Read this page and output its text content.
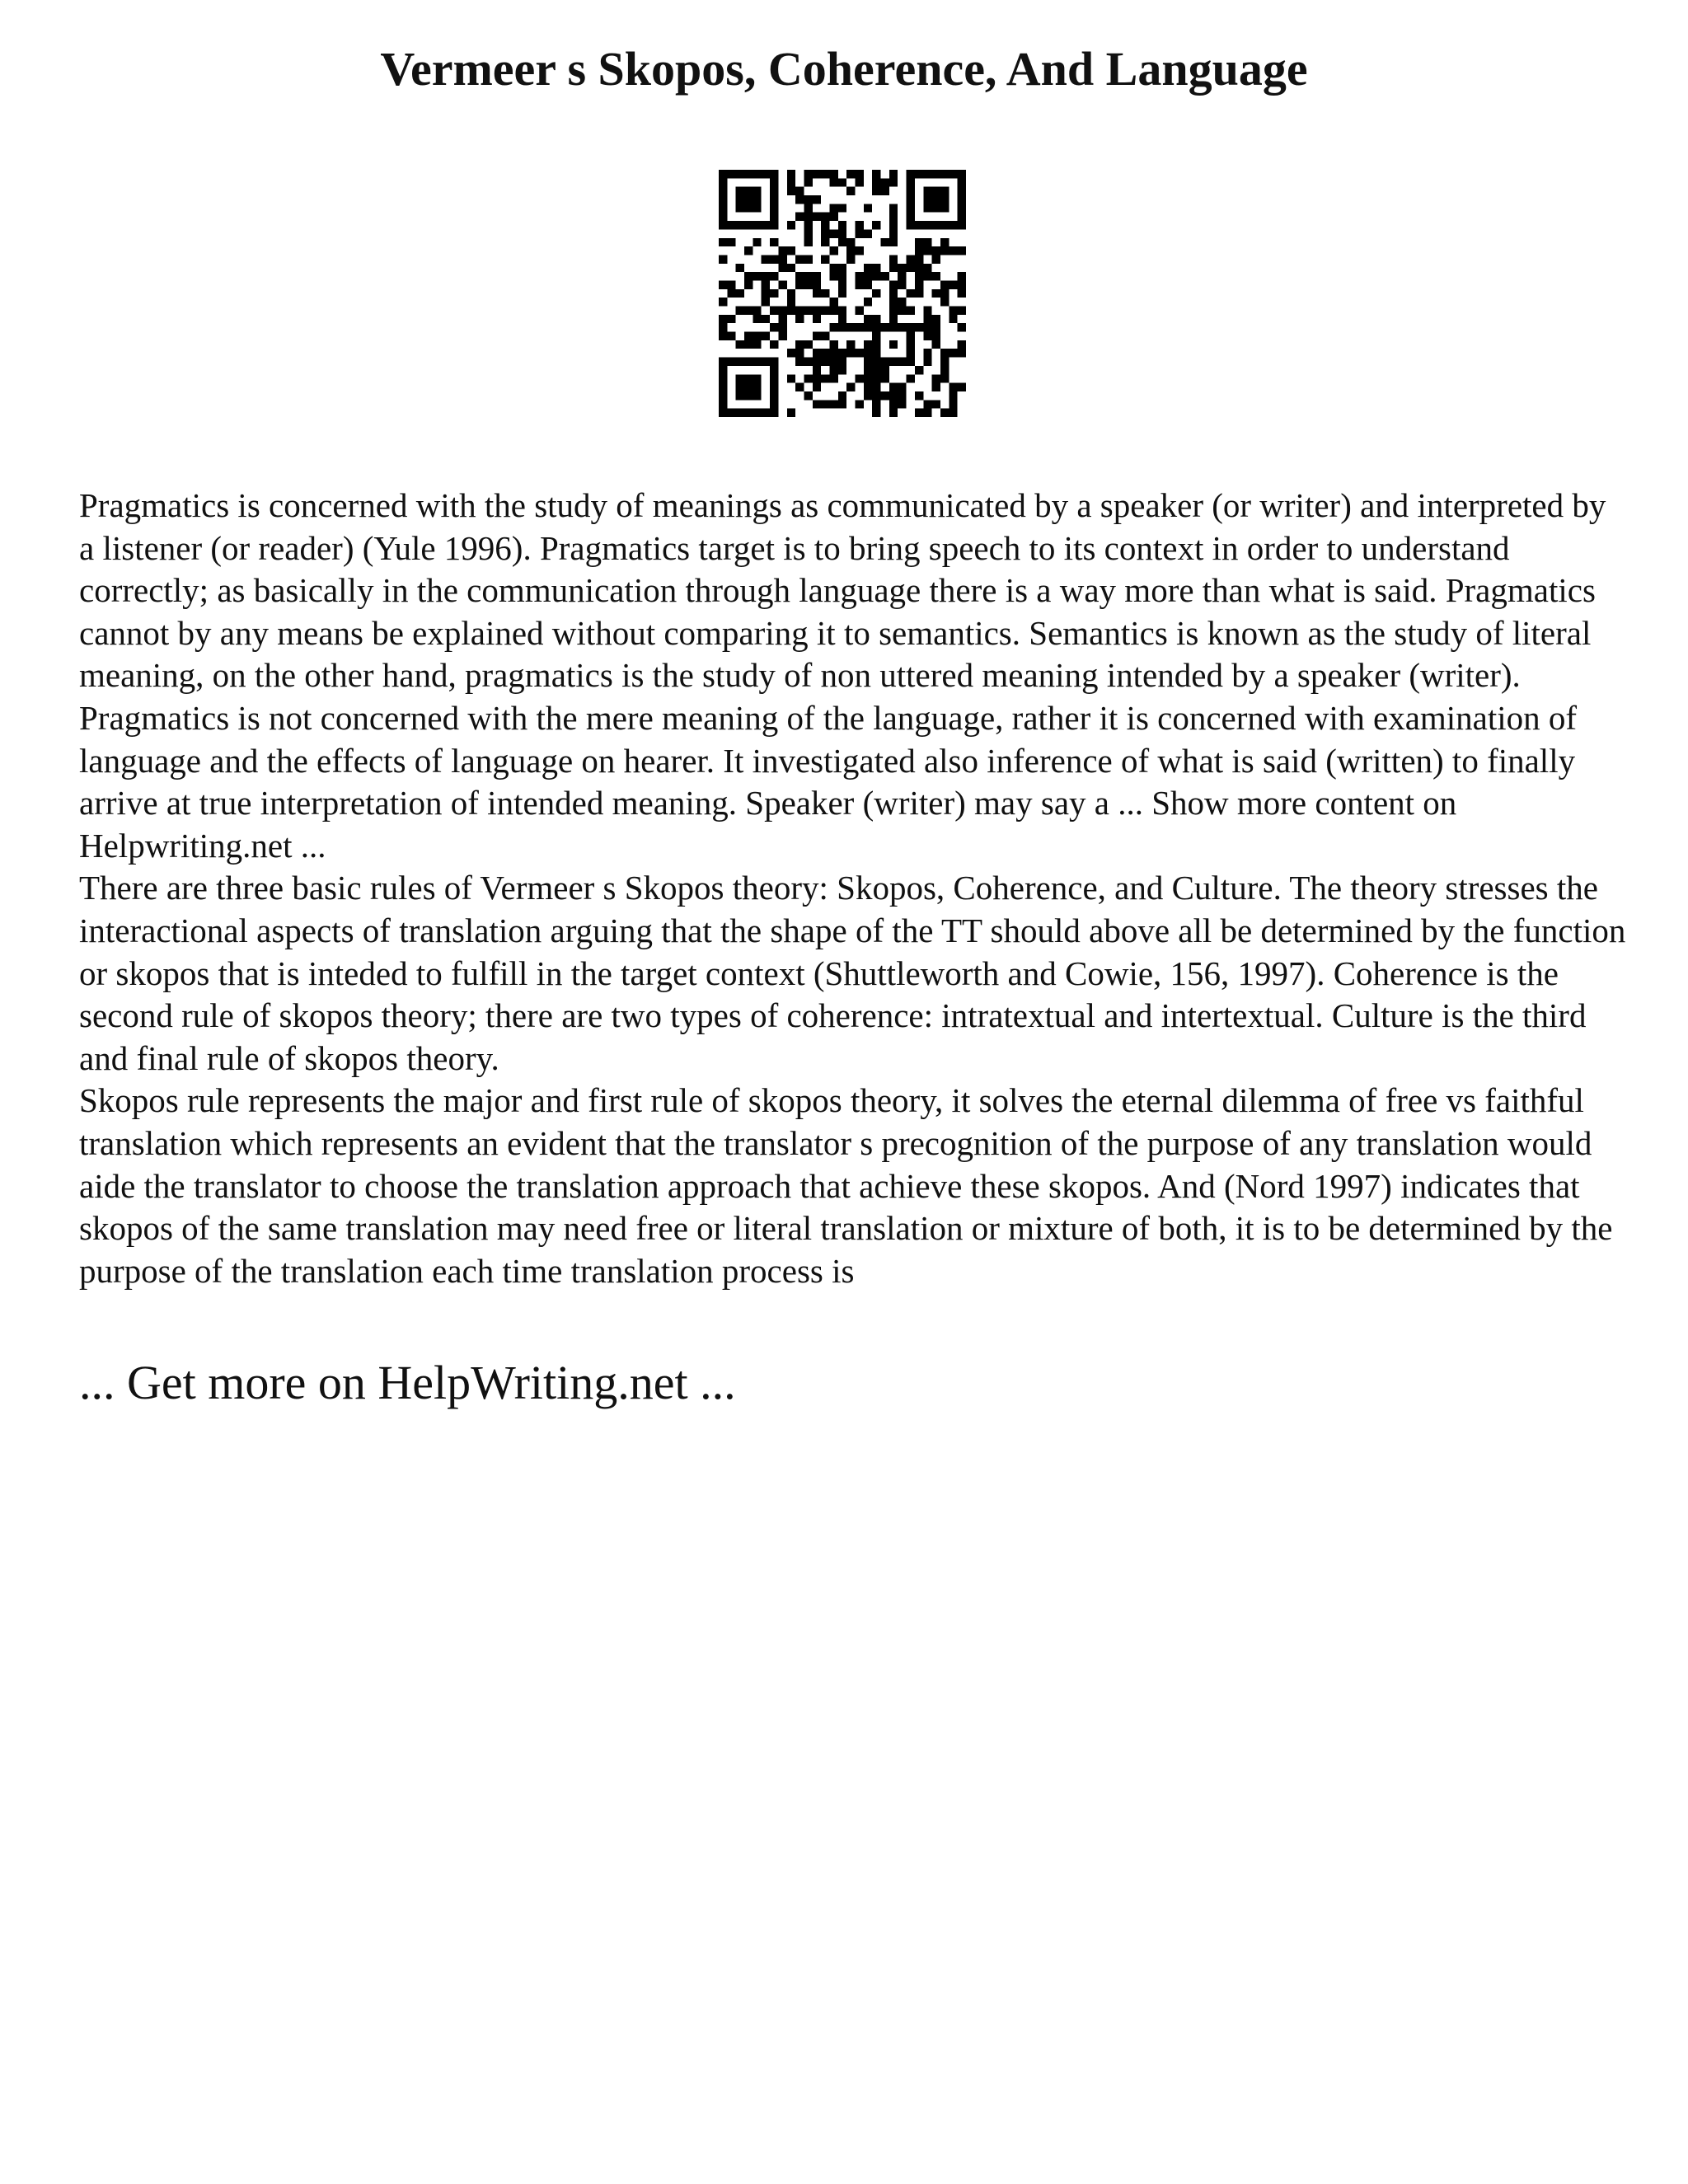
Vermeer s Skopos, Coherence, And Language

Pragmatics is concerned with the study of meanings as communicated by a speaker (or writer) and interpreted by a listener (or reader) (Yule 1996). Pragmatics target is to bring speech to its context in order to understand correctly; as basically in the communication through language there is a way more than what is said. Pragmatics cannot by any means be explained without comparing it to semantics. Semantics is known as the study of literal meaning, on the other hand, pragmatics is the study of non uttered meaning intended by a speaker (writer). Pragmatics is not concerned with the mere meaning of the language, rather it is concerned with examination of language and the effects of language on hearer. It investigated also inference of what is said (written) to finally arrive at true interpretation of intended meaning. Speaker (writer) may say a ... Show more content on Helpwriting.net ...

There are three basic rules of Vermeer s Skopos theory: Skopos, Coherence, and Culture. The theory stresses the interactional aspects of translation arguing that the shape of the TT should above all be determined by the function or skopos that is inteded to fulfill in the target context (Shuttleworth and Cowie, 156, 1997). Coherence is the second rule of skopos theory; there are two types of coherence: intratextual and intertextual. Culture is the third and final rule of skopos theory.

Skopos rule represents the major and first rule of skopos theory, it solves the eternal dilemma of free vs faithful translation which represents an evident that the translator s precognition of the purpose of any translation would aide the translator to choose the translation approach that achieve these skopos. And (Nord 1997) indicates that skopos of the same translation may need free or literal translation or mixture of both, it is to be determined by the purpose of the translation each time translation process is

... Get more on HelpWriting.net ...
